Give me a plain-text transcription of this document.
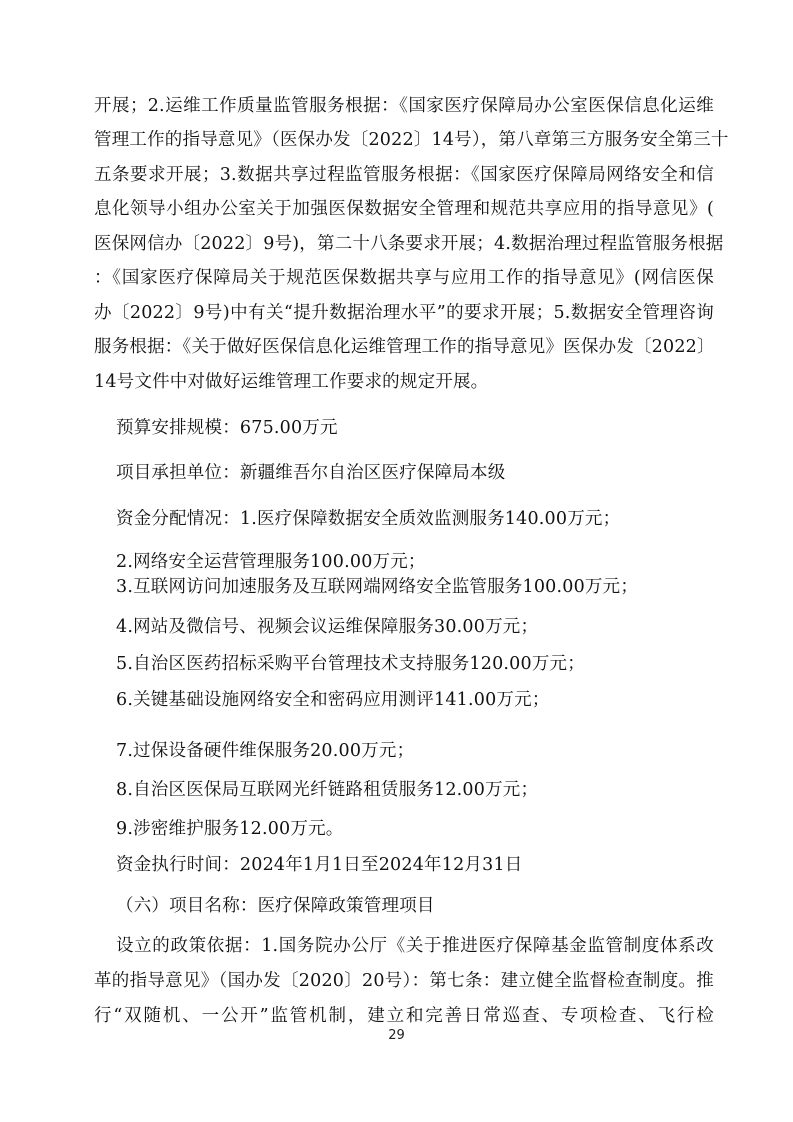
开展；2.运维工作质量监管服务根据：《国家医疗保障局办公室医保信息化运维
管理工作的指导意见》（医保办发〔2022〕14号），第八章第三方服务安全第三十
五条要求开展；3.数据共享过程监管服务根据：《国家医疗保障局网络安全和信
息化领导小组办公室关于加强医保数据安全管理和规范共享应用的指导意见》(
医保网信办〔2022〕9号)，第二十八条要求开展；4.数据治理过程监管服务根据
：《国家医疗保障局关于规范医保数据共享与应用工作的指导意见》(网信医保
办〔2022〕9号)中有关“提升数据治理水平”的要求开展；5.数据安全管理咨询
服务根据：《关于做好医保信息化运维管理工作的指导意见》医保办发〔2022〕
14号文件中对做好运维管理工作要求的规定开展。
预算安排规模：675.00万元
项目承担单位：新疆维吾尔自治区医疗保障局本级
资金分配情况：1.医疗保障数据安全质效监测服务140.00万元；
2.网络安全运营管理服务100.00万元；
3.互联网访问加速服务及互联网端网络安全监管服务100.00万元；
4.网站及微信号、视频会议运维保障服务30.00万元；
5.自治区医药招标采购平台管理技术支持服务120.00万元；
6.关键基础设施网络安全和密码应用测评141.00万元；
7.过保设备硬件维保服务20.00万元；
8.自治区医保局互联网光纤链路租赁服务12.00万元；
9.涉密维护服务12.00万元。
资金执行时间：2024年1月1日至2024年12月31日
（六）项目名称：医疗保障政策管理项目
设立的政策依据：1.国务院办公厅《关于推进医疗保障基金监管制度体系改
革的指导意见》（国办发〔2020〕20号）：第七条：建立健全监督检查制度。推
行“双随机、一公开”监管机制，建立和完善日常巡查、专项检查、飞行检
29
